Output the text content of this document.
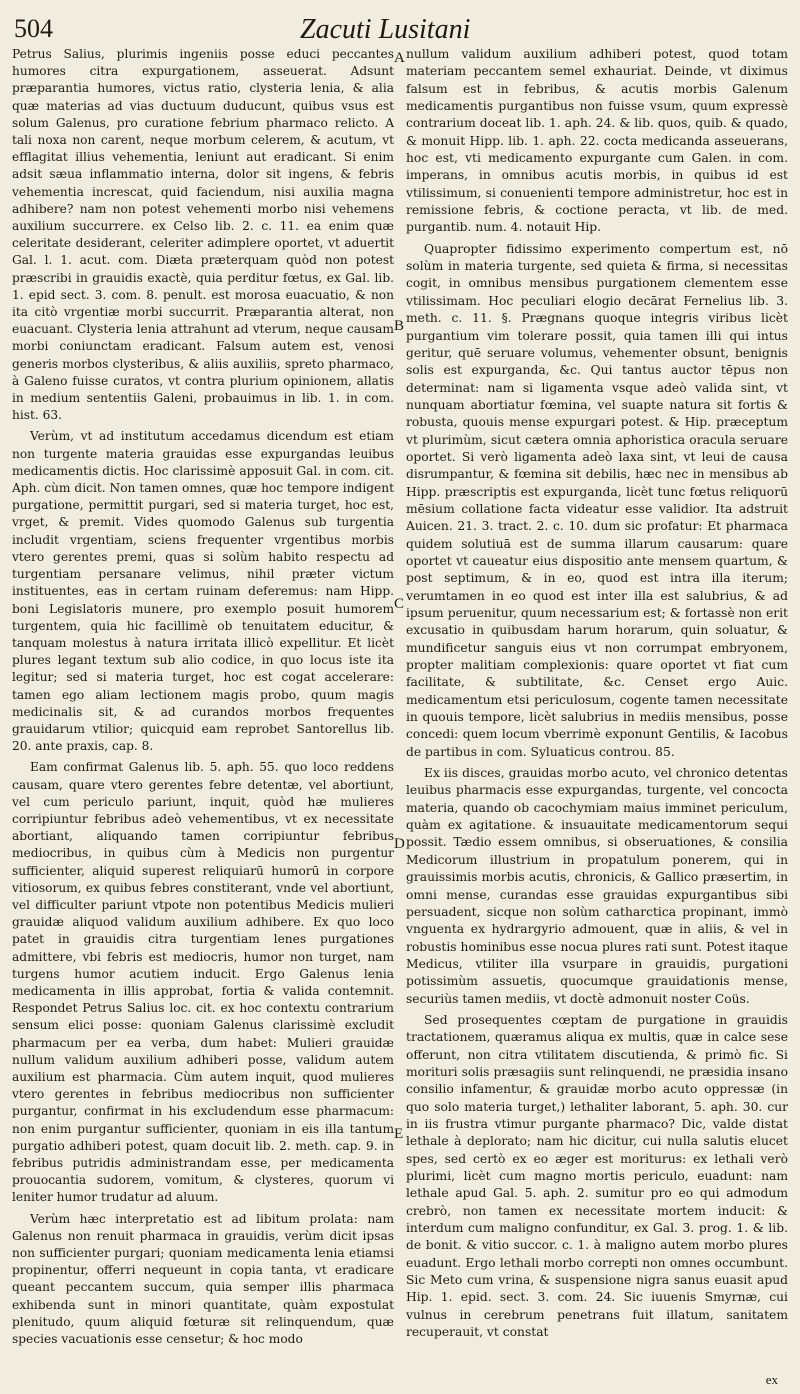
504	Zacuti Lusitani

Petrus Salius, plurimis ingeniis posse educi peccantes humores citra expurgationem, asseuerat. Adsunt præparantia humores, victus ratio, clysteria lenia, & alia quæ materias ad vias ductuum duducunt, quibus vsus est solum Galenus, pro curatione febrium pharmaco relicto. A tali noxa non carent, neque morbum celerem, & acutum, vt efflagitat illius vehementia, leniunt aut eradicant. Si enim adsit sæua inflammatio interna, dolor sit ingens, & febris vehementia increscat, quid faciendum, nisi auxilia magna adhibere? nam non potest vehementi morbo nisi vehemens auxilium succurrere. ex Celso lib. 2. c. 11. ea enim quæ celeritate desiderant, celeriter adimplere oportet, vt aduertit Gal. l. 1. acut. com. Diæta præterquam quòd non potest præscribi in grauidis exactè, quia perditur fœtus, ex Gal. lib. 1. epid sect. 3. com. 8. penult. est morosa euacuatio, & non ita citò vrgentiæ morbi succurrit. Præparantia alterat, non euacuant. Clysteria lenia attrahunt ad vterum, neque causam morbi coniunctam eradicant. Falsum autem est, venosi generis morbos clysteribus, & aliis auxiliis, spreto pharmaco, à Galeno fuisse curatos, vt contra plurium opinionem, allatis in medium sententiis Galeni, probauimus in lib. 1. in com. hist. 63.

Verùm, vt ad institutum accedamus dicendum est etiam non turgente materia grauidas esse expurgandas leuibus medicamentis dictis. Hoc clarissimè apposuit Gal. in com. cit. Aph. cùm dicit. Non tamen omnes, quæ hoc tempore indigent purgatione, permittit purgari, sed si materia turget, hoc est, vrget, & premit. Vides quomodo Galenus sub turgentia includit vrgentiam, sciens frequenter vrgentibus morbis vtero gerentes premi, quas si solùm habito respectu ad turgentiam persanare velimus, nihil præter victum instituentes, eas in certam ruinam deferemus: nam Hipp. boni Legislatoris munere, pro exemplo posuit humorem turgentem, quia hic facillimè ob tenuitatem educitur, & tanquam molestus à natura irritata illicò expellitur. Et licèt plures legant textum sub alio codice, in quo locus iste ita legitur; sed si materia turget, hoc est cogat accelerare: tamen ego aliam lectionem magis probo, quum magis medicinalis sit, & ad curandos morbos frequentes grauidarum vtilior; quicquid eam reprobet Santorellus lib. 20. ante praxis, cap. 8.

Eam confirmat Galenus lib. 5. aph. 55. quo loco reddens causam, quare vtero gerentes febre detentæ, vel abortiunt, vel cum periculo pariunt, inquit, quòd hæ mulieres corripiuntur febribus adeò vehementibus, vt ex necessitate abortiant, aliquando tamen corripiuntur febribus mediocribus, in quibus cùm à Medicis non purgentur sufficienter, aliquid superest reliquiarū humorū in corpore vitiosorum, ex quibus febres constiterant, vnde vel abortiunt, vel difficulter pariunt vtpote non potentibus Medicis mulieri grauidæ aliquod validum auxilium adhibere. Ex quo loco patet in grauidis citra turgentiam lenes purgationes admittere, vbi febris est mediocris, humor non turget, nam turgens humor acutiem inducit. Ergo Galenus lenia medicamenta in illis approbat, fortia & valida contemnit. Respondet Petrus Salius loc. cit. ex hoc contextu contrarium sensum elici posse: quoniam Galenus clarissimè excludit pharmacum per ea verba, dum habet: Mulieri grauidæ nullum validum auxilium adhiberi posse, validum autem auxilium est pharmacia. Cùm autem inquit, quod mulieres vtero gerentes in febribus mediocribus non sufficienter purgantur, confirmat in his excludendum esse pharmacum: non enim purgantur sufficienter, quoniam in eis illa tantum purgatio adhiberi potest, quam docuit lib. 2. meth. cap. 9. in febribus putridis administrandam esse, per medicamenta prouocantia sudorem, vomitum, & clysteres, quorum vi leniter humor trudatur ad aluum.

Verùm hæc interpretatio est ad libitum prolata: nam Galenus non renuit pharmaca in grauidis, verùm dicit ipsas non sufficienter purgari; quoniam medicamenta lenia etiamsi propinentur, offerri nequeunt in copia tanta, vt eradicare queant peccantem succum, quia semper illis pharmaca exhibenda sunt in minori quantitate, quàm expostulat plenitudo, quum aliquid fœturæ sit relinquendum, quæ species vacuationis esse censetur; & hoc modo

A
B
C
D
E

nullum validum auxilium adhiberi potest, quod totam materiam peccantem semel exhauriat. Deinde, vt diximus falsum est in febribus, & acutis morbis Galenum medicamentis purgantibus non fuisse vsum, quum expressè contrarium doceat lib. 1. aph. 24. & lib. quos, quib. & quado, & monuit Hipp. lib. 1. aph. 22. cocta medicanda asseuerans, hoc est, vti medicamento expurgante cum Galen. in com. imperans, in omnibus acutis morbis, in quibus id est vtilissimum, si conuenienti tempore administretur, hoc est in remissione febris, & coctione peracta, vt lib. de med. purgantib. num. 4. notauit Hip.

Quapropter fidissimo experimento compertum est, nō solùm in materia turgente, sed quieta & firma, si necessitas cogit, in omnibus mensibus purgationem clementem esse vtilissimam. Hoc peculiari elogio decārat Fernelius lib. 3. meth. c. 11. §. Prægnans quoque integris viribus licèt purgantium vim tolerare possit, quia tamen illi qui intus geritur, quē seruare volumus, vehementer obsunt, benignis solis est expurganda, &c. Qui tantus auctor tēpus non determinat: nam si ligamenta vsque adeò valida sint, vt nunquam abortiatur fœmina, vel suapte natura sit fortis & robusta, quouis mense expurgari potest. & Hip. præceptum vt plurimùm, sicut cætera omnia aphoristica oracula seruare oportet. Si verò ligamenta adeò laxa sint, vt leui de causa disrumpantur, & fœmina sit debilis, hæc nec in mensibus ab Hipp. præscriptis est expurganda, licèt tunc fœtus reliquorū mēsium collatione facta videatur esse validior. Ita adstruit Auicen. 21. 3. tract. 2. c. 10. dum sic profatur: Et pharmaca quidem solutiuā est de summa illarum causarum: quare oportet vt caueatur eius dispositio ante mensem quartum, & post septimum, & in eo, quod est intra illa iterum; verumtamen in eo quod est inter illa est salubrius, & ad ipsum peruenitur, quum necessarium est; & fortassè non erit excusatio in quibusdam harum horarum, quin soluatur, & mundificetur sanguis eius vt non corrumpat embryonem, propter malitiam complexionis: quare oportet vt fiat cum facilitate, & subtilitate, &c. Censet ergo Auic. medicamentum etsi periculosum, cogente tamen necessitate in quouis tempore, licèt salubrius in mediis mensibus, posse concedi: quem locum vberrimè exponunt Gentilis, & Iacobus de partibus in com. Syluaticus controu. 85.

Ex iis disces, grauidas morbo acuto, vel chronico detentas leuibus pharmacis esse expurgandas, turgente, vel concocta materia, quando ob cacochymiam maius imminet periculum, quàm ex agitatione. & insuauitate medicamentorum sequi possit. Tædio essem omnibus, si obseruationes, & consilia Medicorum illustrium in propatulum ponerem, qui in grauissimis morbis acutis, chronicis, & Gallico præsertim, in omni mense, curandas esse grauidas expurgantibus sibi persuadent, sicque non solùm catharctica propinant, immò vnguenta ex hydrargyrio admouent, quæ in aliis, & vel in robustis hominibus esse nocua plures rati sunt. Potest itaque Medicus, vtiliter illa vsurpare in grauidis, purgationi potissimùm assuetis, quocumque grauidationis mense, securiùs tamen mediis, vt doctè admonuit noster Coüs.

Sed prosequentes cœptam de purgatione in grauidis tractationem, quæramus aliqua ex multis, quæ in calce sese offerunt, non citra vtilitatem discutienda, & primò fic. Si morituri solis præsagiis sunt relinquendi, ne præsidia insano consilio infamentur, & grauidæ morbo acuto oppressæ (in quo solo materia turget,) lethaliter laborant, 5. aph. 30. cur in iis frustra vtimur purgante pharmaco? Dic, valde distat lethale à deplorato; nam hic dicitur, cui nulla salutis elucet spes, sed certò ex eo æger est moriturus: ex lethali verò plurimi, licèt cum magno mortis periculo, euadunt: nam lethale apud Gal. 5. aph. 2. sumitur pro eo qui admodum crebrò, non tamen ex necessitate mortem inducit: & interdum cum maligno confunditur, ex Gal. 3. prog. 1. & lib. de bonit. & vitio succor. c. 1. à maligno autem morbo plures euadunt. Ergo lethali morbo correpti non omnes occumbunt. Sic Meto cum vrina, & suspensione nigra sanus euasit apud Hip. 1. epid. sect. 3. com. 24. Sic iuuenis Smyrnæ, cui vulnus in cerebrum penetrans fuit illatum, sanitatem recuperauit, vt constat

ex
